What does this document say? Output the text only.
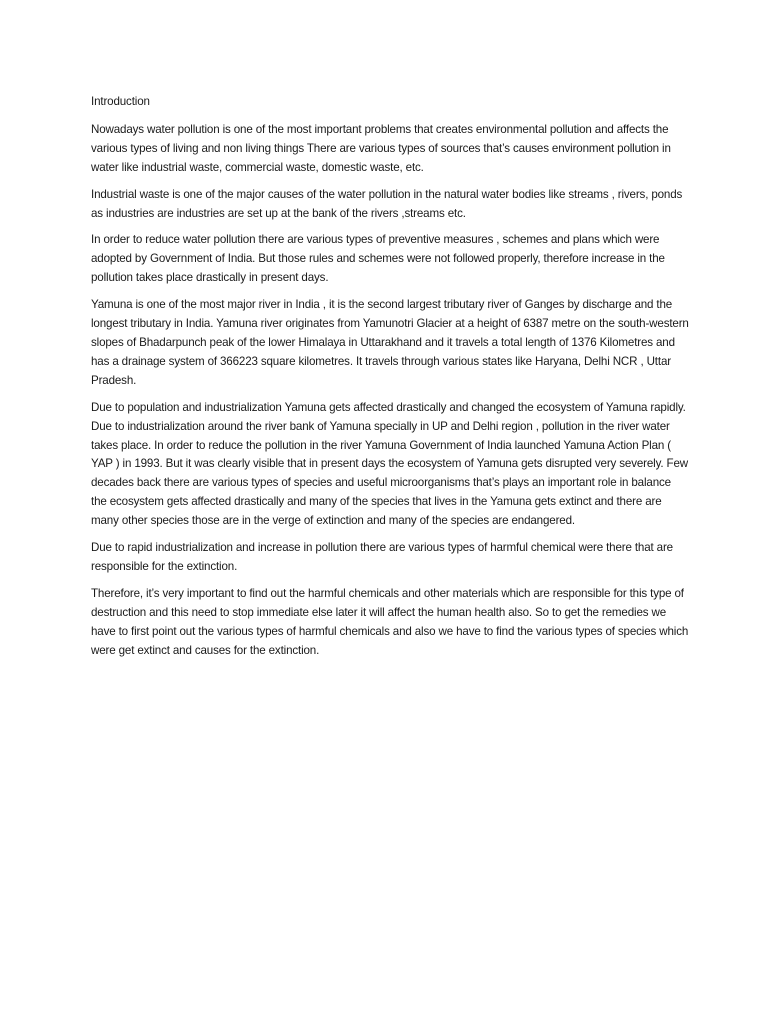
Introduction

Nowadays water pollution is one of the most important problems that creates environmental pollution and affects the various types of living and non living things There are various types of sources that’s causes environment pollution in water like industrial waste, commercial waste, domestic waste, etc.

Industrial waste is one of the major causes of the water pollution in the natural water bodies like streams , rivers, ponds as industries are industries are set up at the bank of the rivers ,streams etc.

In order to reduce water pollution there are various types of preventive measures , schemes and plans which were adopted by Government of India. But those rules and schemes were not followed properly, therefore increase in the pollution takes place drastically in present days.

Yamuna is one of the most major river in India , it is the second largest tributary river of Ganges by discharge and the longest tributary in India. Yamuna river originates from Yamunotri Glacier at a height of 6387 metre on the south-western slopes of Bhadarpunch peak of the lower Himalaya in Uttarakhand and it travels a total length of 1376 Kilometres and has a drainage system of 366223 square kilometres. It travels through various states like Haryana, Delhi NCR , Uttar Pradesh.

Due to population and industrialization Yamuna gets affected drastically and changed the ecosystem of Yamuna rapidly. Due to industrialization around the river bank of Yamuna specially in UP and Delhi region , pollution in the river water takes place. In order to reduce the pollution in the river Yamuna Government of India launched Yamuna Action Plan ( YAP ) in 1993. But it was clearly visible that in present days the ecosystem of Yamuna gets disrupted very severely. Few decades back there are various types of species and useful microorganisms that’s plays an important role in balance the ecosystem gets affected drastically and many of the species that lives in the Yamuna gets extinct and there are many other species those are in the verge of extinction and many of the species are endangered.

Due to rapid industrialization and increase in pollution there are various types of harmful chemical were there that are responsible for the extinction.

Therefore, it’s very important to find out the harmful chemicals and other materials which are responsible for this type of destruction and this need to stop immediate else later it will affect the human health also. So to get the remedies we have to first point out the various types of harmful chemicals and also we have to find the various types of species which were get extinct and causes for the extinction.
